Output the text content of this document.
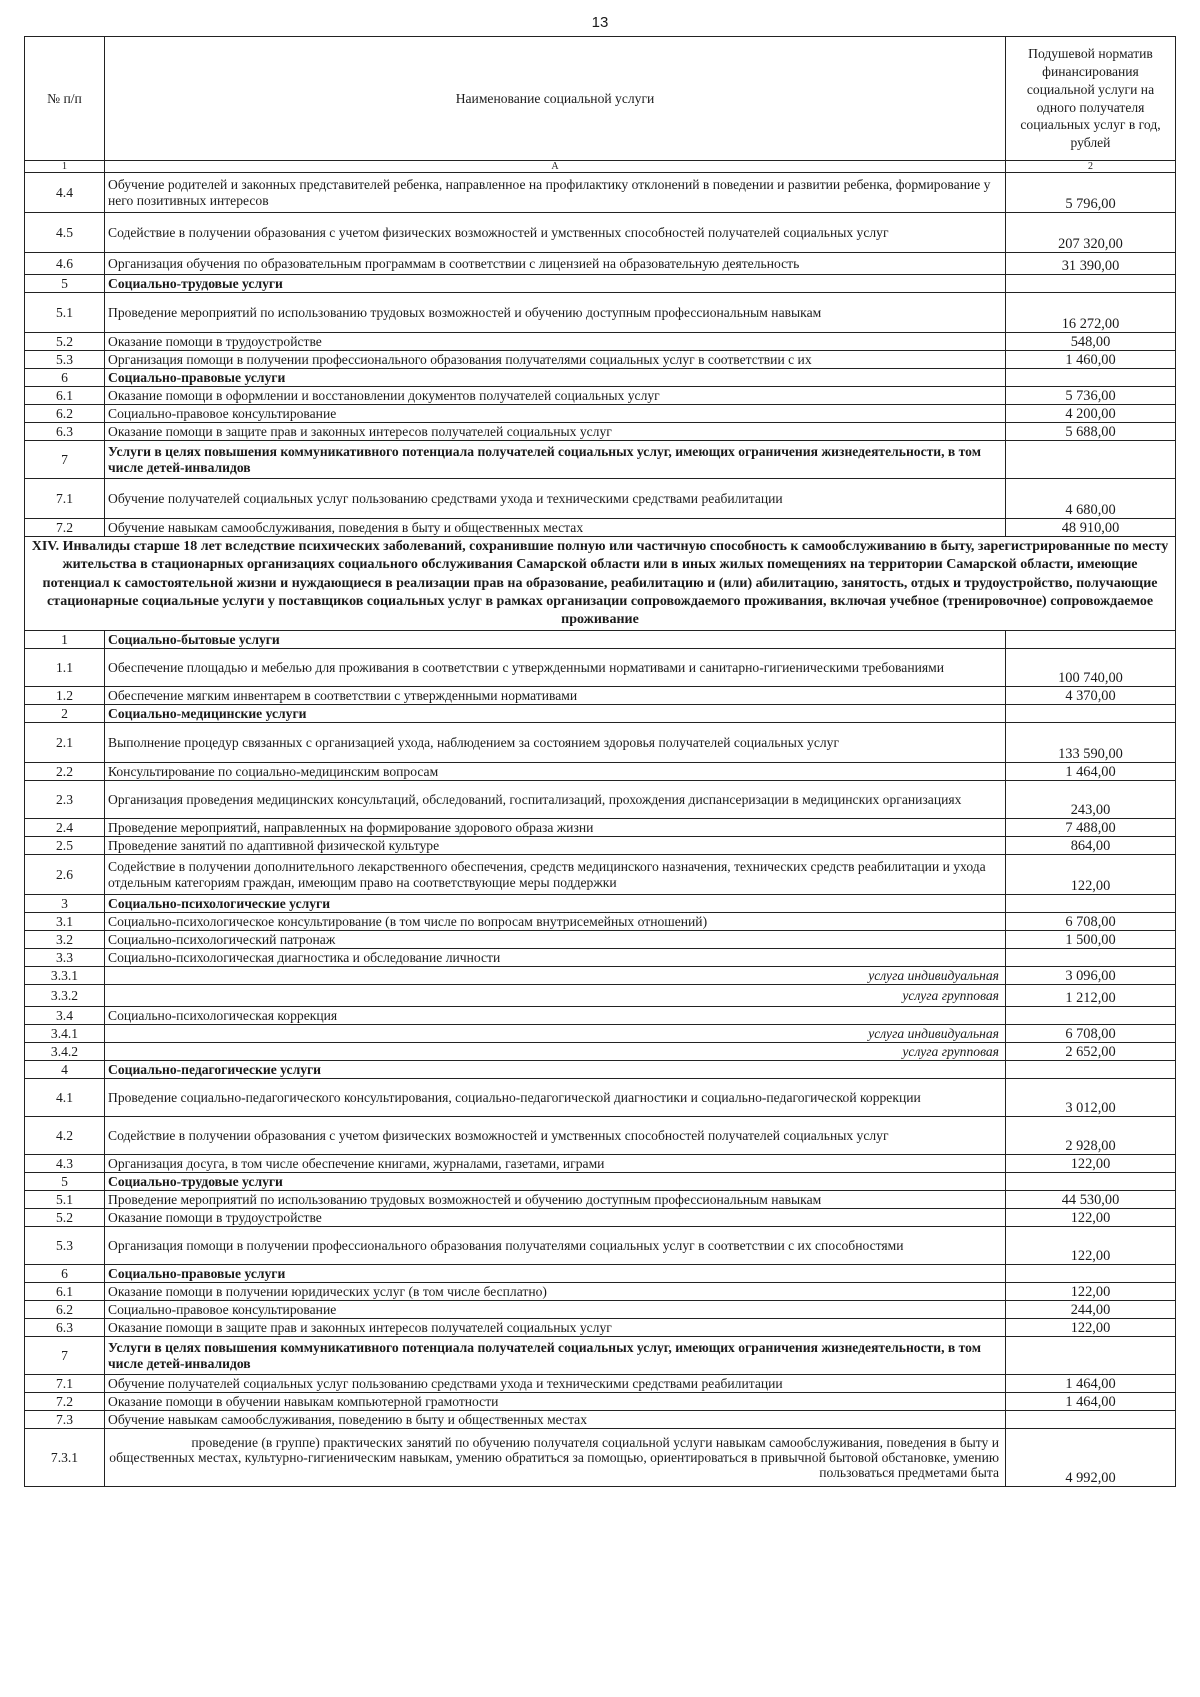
13
№ п/п	Наименование социальной услуги	Подушевой норматив финансирования социальной услуги на одного получателя социальных услуг в год, рублей
1	А	2
4.4	Обучение родителей и законных представителей ребенка, направленное на профилактику отклонений в поведении и развитии ребенка, формирование у него позитивных интересов	5 796,00
4.5	Содействие в получении образования с учетом физических возможностей и умственных способностей получателей социальных услуг	207 320,00
4.6	Организация обучения по образовательным программам в соответствии с лицензией на образовательную деятельность	31 390,00
5	Социально-трудовые услуги	
5.1	Проведение мероприятий по использованию трудовых возможностей и обучению доступным профессиональным навыкам	16 272,00
5.2	Оказание помощи в трудоустройстве	548,00
5.3	Организация помощи в получении профессионального образования получателями социальных услуг в соответствии с их	1 460,00
6	Социально-правовые услуги	
6.1	Оказание помощи в оформлении и восстановлении документов получателей социальных услуг	5 736,00
6.2	Социально-правовое консультирование	4 200,00
6.3	Оказание помощи в защите прав и законных интересов получателей социальных услуг	5 688,00
7	Услуги в целях повышения коммуникативного потенциала получателей социальных услуг, имеющих ограничения жизнедеятельности, в том числе детей-инвалидов	
7.1	Обучение получателей социальных услуг пользованию средствами ухода и техническими средствами реабилитации	4 680,00
7.2	Обучение навыкам самообслуживания, поведения в быту и общественных местах	48 910,00
XIV. Инвалиды старше 18 лет вследствие психических заболеваний, сохранившие полную или частичную способность к самообслуживанию в быту, зарегистрированные по месту жительства в стационарных организациях социального обслуживания Самарской области или в иных жилых помещениях на территории Самарской области, имеющие потенциал к самостоятельной жизни и нуждающиеся в реализации прав на образование, реабилитацию и (или) абилитацию, занятость, отдых и трудоустройство, получающие стационарные социальные услуги у поставщиков социальных услуг в рамках организации сопровождаемого проживания, включая учебное (тренировочное) сопровождаемое проживание		
1	Социально-бытовые услуги	
1.1	Обеспечение площадью и мебелью для проживания в соответствии с утвержденными нормативами и санитарно-гигиеническими требованиями	100 740,00
1.2	Обеспечение мягким инвентарем в соответствии с утвержденными нормативами	4 370,00
2	Социально-медицинские услуги	
2.1	Выполнение процедур связанных с организацией ухода, наблюдением за состоянием здоровья получателей социальных услуг	133 590,00
2.2	Консультирование по социально-медицинским вопросам	1 464,00
2.3	Организация проведения медицинских консультаций, обследований, госпитализаций, прохождения диспансеризации в медицинских организациях	243,00
2.4	Проведение мероприятий, направленных на формирование здорового образа жизни	7 488,00
2.5	Проведение занятий по адаптивной физической культуре	864,00
2.6	Содействие в получении дополнительного лекарственного обеспечения, средств медицинского назначения, технических средств реабилитации и ухода отдельным категориям граждан, имеющим право на соответствующие меры поддержки	122,00
3	Социально-психологические услуги	
3.1	Социально-психологическое консультирование (в том числе по вопросам внутрисемейных отношений)	6 708,00
3.2	Социально-психологический патронаж	1 500,00
3.3	Социально-психологическая диагностика и обследование личности	
3.3.1	услуга индивидуальная	3 096,00
3.3.2	услуга групповая	1 212,00
3.4	Социально-психологическая коррекция	
3.4.1	услуга индивидуальная	6 708,00
3.4.2	услуга групповая	2 652,00
4	Социально-педагогические услуги	
4.1	Проведение социально-педагогического консультирования, социально-педагогической диагностики и социально-педагогической коррекции	3 012,00
4.2	Содействие в получении образования с учетом физических возможностей и умственных способностей получателей социальных услуг	2 928,00
4.3	Организация досуга, в том числе обеспечение книгами, журналами, газетами, играми	122,00
5	Социально-трудовые услуги	
5.1	Проведение мероприятий по использованию трудовых возможностей и обучению доступным профессиональным навыкам	44 530,00
5.2	Оказание помощи в трудоустройстве	122,00
5.3	Организация помощи в получении профессионального образования получателями социальных услуг в соответствии с их способностями	122,00
6	Социально-правовые услуги	
6.1	Оказание помощи в получении юридических услуг (в том числе бесплатно)	122,00
6.2	Социально-правовое консультирование	244,00
6.3	Оказание помощи в защите прав и законных интересов получателей социальных услуг	122,00
7	Услуги в целях повышения коммуникативного потенциала получателей социальных услуг, имеющих ограничения жизнедеятельности, в том числе детей-инвалидов	
7.1	Обучение получателей социальных услуг пользованию средствами ухода и техническими средствами реабилитации	1 464,00
7.2	Оказание помощи в обучении навыкам компьютерной грамотности	1 464,00
7.3	Обучение навыкам самообслуживания, поведению в быту и общественных местах	
7.3.1	проведение (в группе) практических занятий по обучению получателя социальной услуги навыкам самообслуживания, поведения в быту и общественных местах, культурно-гигиеническим навыкам, умению обратиться за помощью, ориентироваться в привычной бытовой обстановке, умению пользоваться предметами быта	4 992,00
